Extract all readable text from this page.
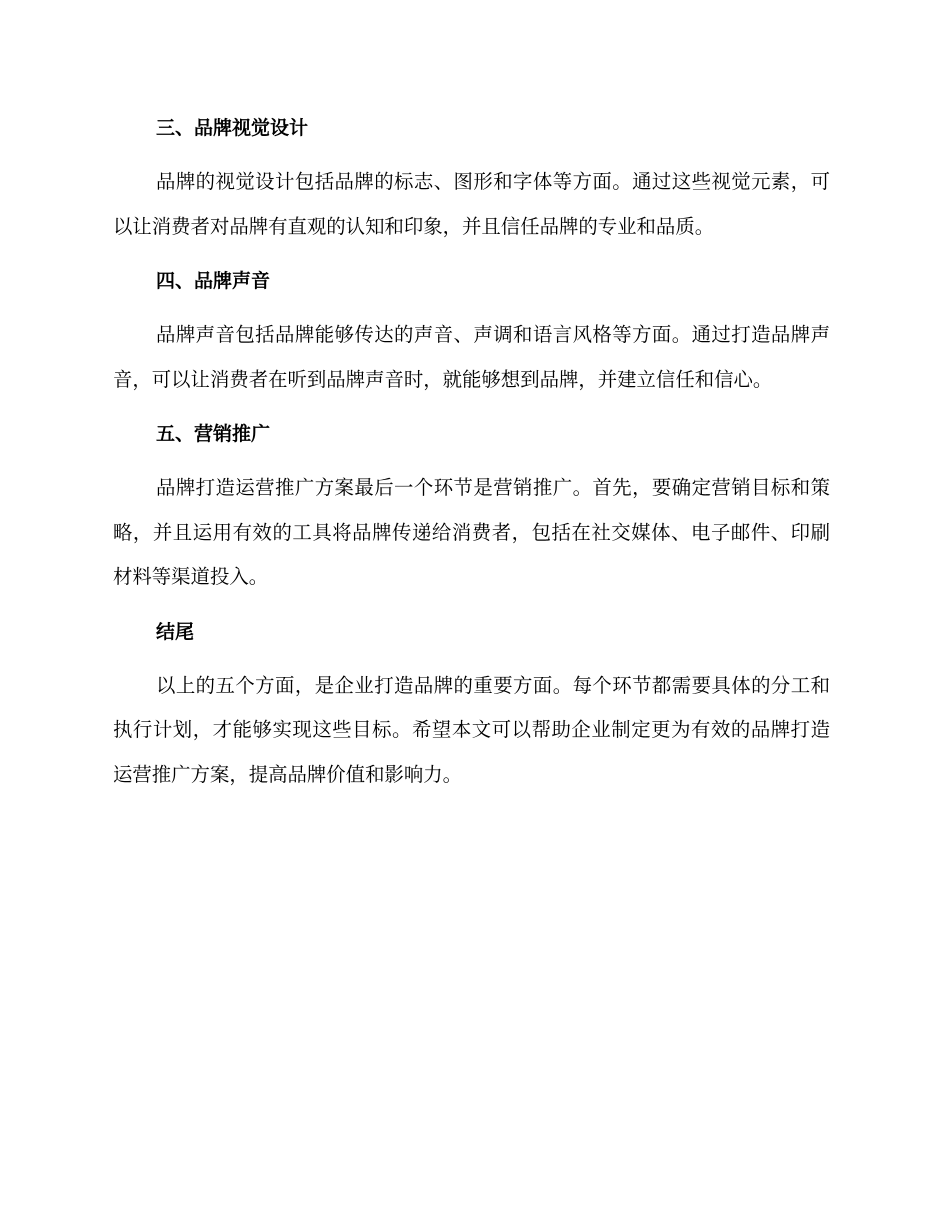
三、品牌视觉设计

品牌的视觉设计包括品牌的标志、图形和字体等方面。通过这些视觉元素，可以让消费者对品牌有直观的认知和印象，并且信任品牌的专业和品质。

四、品牌声音

品牌声音包括品牌能够传达的声音、声调和语言风格等方面。通过打造品牌声音，可以让消费者在听到品牌声音时，就能够想到品牌，并建立信任和信心。

五、营销推广

品牌打造运营推广方案最后一个环节是营销推广。首先，要确定营销目标和策略，并且运用有效的工具将品牌传递给消费者，包括在社交媒体、电子邮件、印刷材料等渠道投入。

结尾

以上的五个方面，是企业打造品牌的重要方面。每个环节都需要具体的分工和执行计划，才能够实现这些目标。希望本文可以帮助企业制定更为有效的品牌打造运营推广方案，提高品牌价值和影响力。
